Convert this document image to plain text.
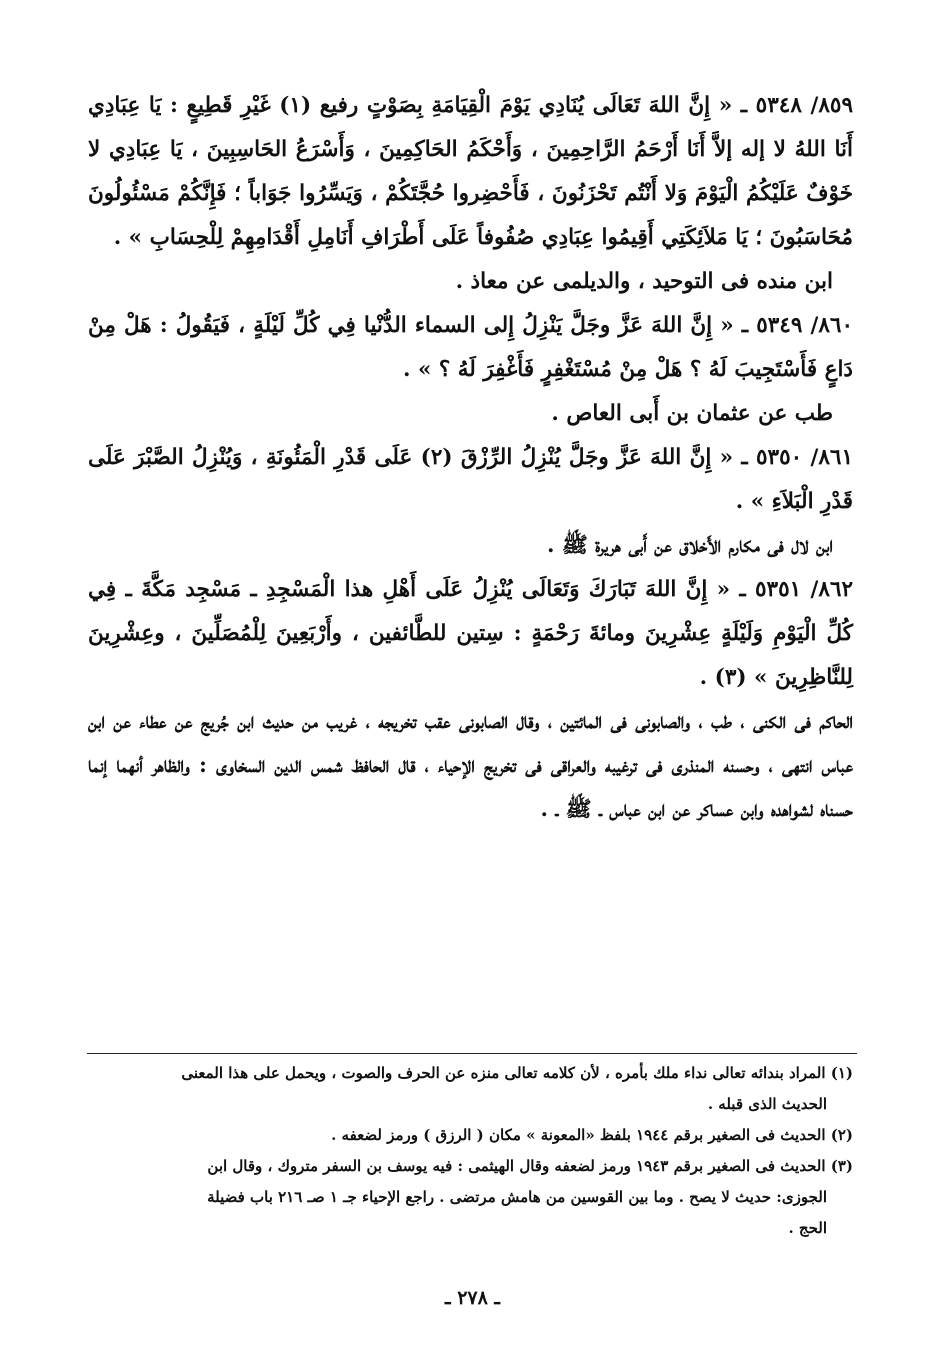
٨٥٩/ ٥٣٤٨ ـ « إِنَّ اللهَ تَعَالَى يُنَادِي يَوْمَ الْقِيَامَةِ بِصَوْتٍ رفيع (١) غَيْرِ قَطِيعٍ : يَا عِبَادِي أَنَا اللهُ لا إله إلاَّ أَنَا أَرْحَمُ الرَّاحِمِينَ ، وَأَحْكَمُ الحَاكِمِينَ ، وَأَسْرَعُ الحَاسِبِينَ ، يَا عِبَادِي لا خَوْفٌ عَلَيْكُمُ الْيَوْمَ وَلا أَنْتُم تَحْزَنُونَ ، فَأَحْضِروا حُجَّتَكُمْ ، وَيَسِّرُوا جَوَاباً ؛ فَإِنَّكُمْ مَسْئُولُونَ مُحَاسَبُونَ ؛ يَا مَلاَئِكَتِي أَقِيمُوا عِبَادِي صُفُوفاً عَلَى أَطْرَافِ أَنَامِلِ أَقْدَامِهِمْ لِلْحِسَابِ » .

ابن منده فى التوحيد ، والديلمى عن معاذ .

٨٦٠/ ٥٣٤٩ ـ « إِنَّ اللهَ عَزَّ وجَلَّ يَنْزِلُ إِلى السماء الدُّنْيا فِي كُلِّ لَيْلَةٍ ، فَيَقُولُ : هَلْ مِنْ دَاعٍ فَأَسْتَجِيبَ لَهُ ؟ هَلْ مِنْ مُسْتَغْفِرٍ فَأَغْفِرَ لَهُ ؟ » .

طب عن عثمان بن أَبى العاص .

٨٦١/ ٥٣٥٠ ـ « إِنَّ اللهَ عَزَّ وجَلَّ يُنْزِلُ الرِّزْقَ (٢) عَلَى قَدْرِ الْمَئُونَةِ ، وَيُنْزِلُ الصَّبْرَ عَلَى قَدْرِ الْبَلاَءِ » .

ابن لال فى مكارم الأَخلاق عن أَبى هريرة ﷺ .

٨٦٢/ ٥٣٥١ ـ « إِنَّ اللهَ تَبَارَكَ وَتَعَالَى يُنْزِلُ عَلَى أَهْلِ هذا الْمَسْجِدِ ـ مَسْجِد مَكَّةَ ـ فِي كُلِّ الْيَوْمِ وَلَيْلَةٍ عِشْرِينَ ومائةَ رَحْمَةٍ : سِتين للطَّائفين ، وأَرْبَعِينَ لِلْمُصَلِّينَ ، وعِشْرِينَ لِلنَّاظِرِينَ » (٣) .

الحاكم فى الكنى ، طب ، والصابونى فى المائتين ، وقال الصابونى عقب تخريجه ، غريب من حديث ابن جُريج عن عطاء عن ابن عباس انتهى ، وحسنه المنذرى فى ترغيبه والعراقى فى تخريج الإحياء ، قال الحافظ شمس الدين السخاوى : والظاهر أنهما إنما حسناه لشواهده وابن عساكر عن ابن عباس ـ ﷺ ـ .

(١) المراد بندائه تعالى نداء ملك بأمره ، لأن كلامه تعالى منزه عن الحرف والصوت ، ويحمل على هذا المعنى

الحديث الذى قبله .

(٢) الحديث فى الصغير برقم ١٩٤٤ بلفظ «المعونة » مكان ( الرزق ) ورمز لضعفه .

(٣) الحديث فى الصغير برقم ١٩٤٣ ورمز لضعفه وقال الهيثمى : فيه يوسف بن السفر متروك ، وقال ابن

الجوزى: حديث لا يصح . وما بين القوسين من هامش مرتضى . راجع الإحياء جـ ١ صـ ٢١٦ باب فضيلة

الحج .

ـ ٢٧٨ ـ
